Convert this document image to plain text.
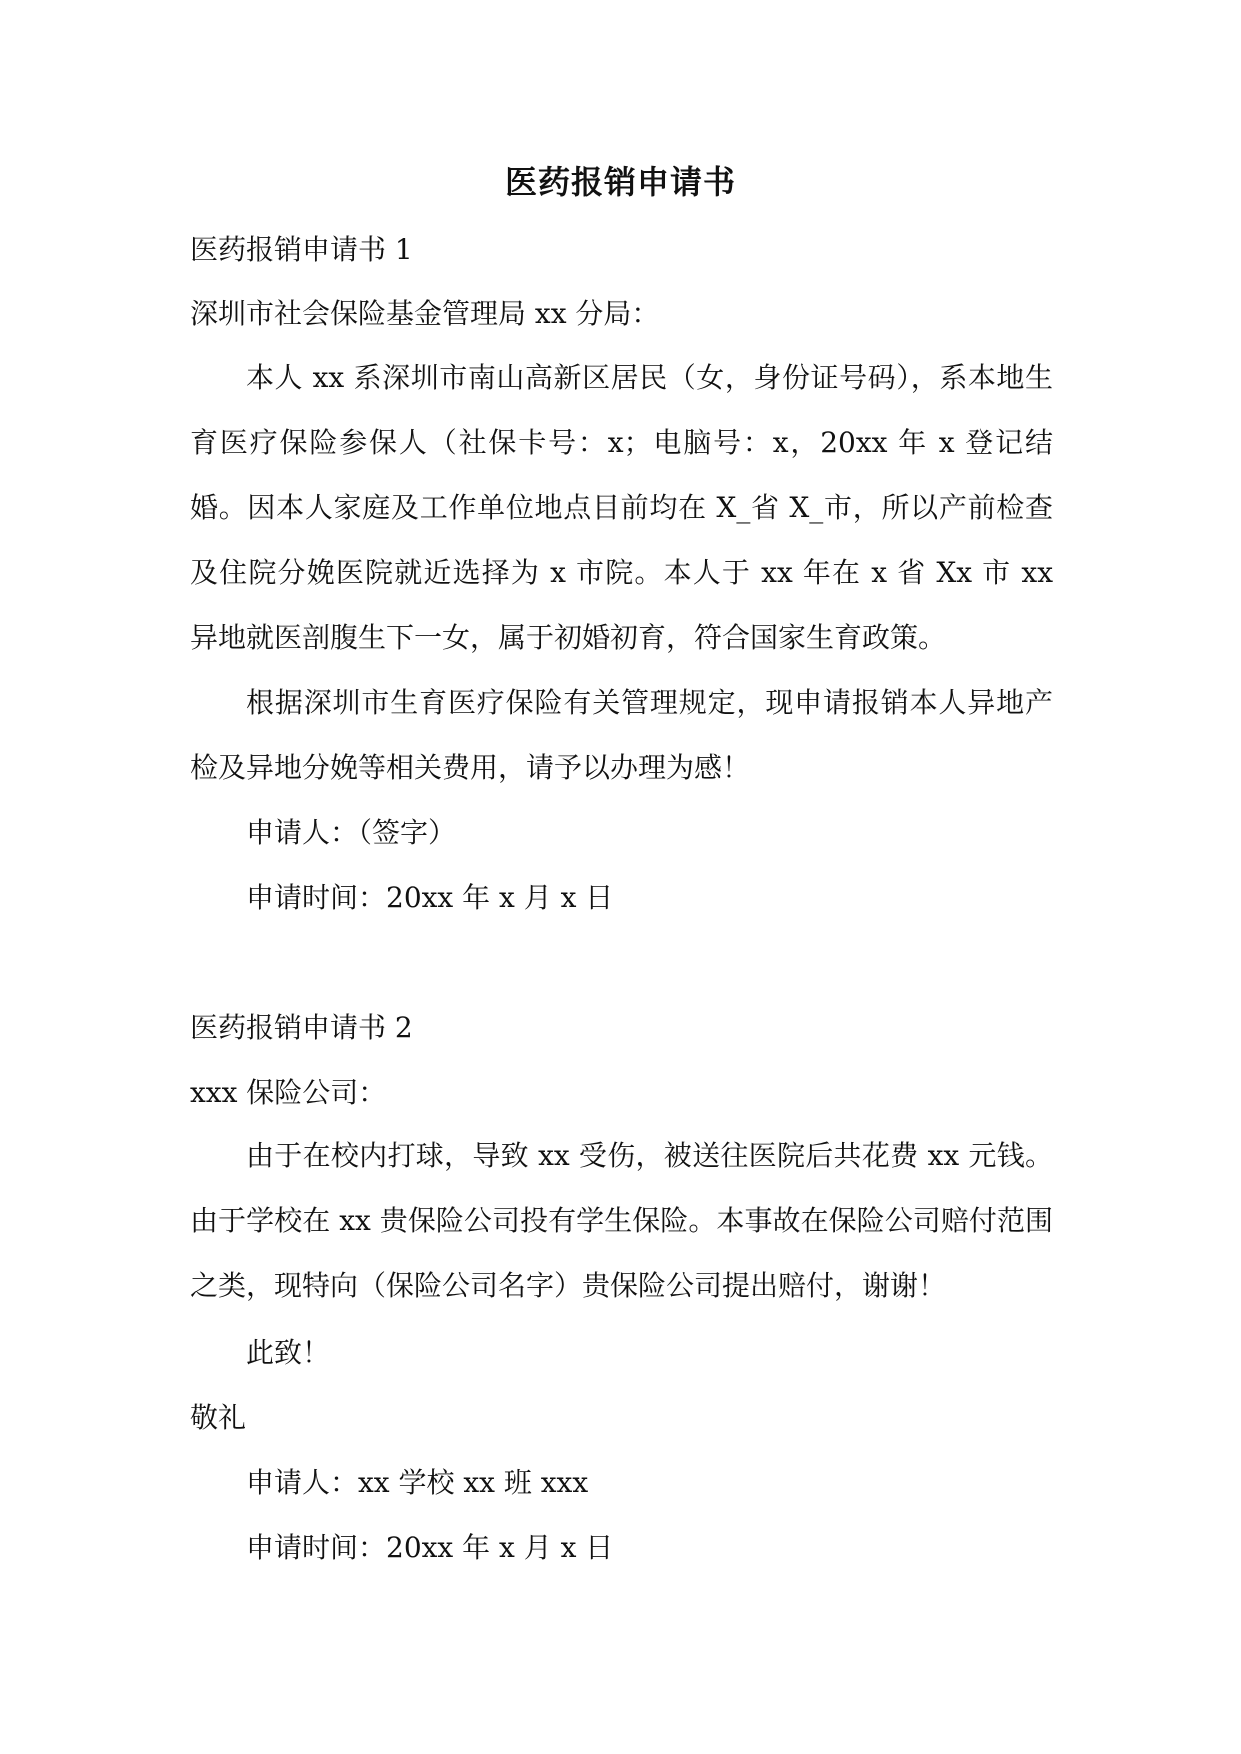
医药报销申请书
医药报销申请书 1
深圳市社会保险基金管理局 xx 分局：
本人 xx 系深圳市南山高新区居民（女，身份证号码），系本地生育医疗保险参保人（社保卡号：x；电脑号：x，20xx 年 x 登记结婚。因本人家庭及工作单位地点目前均在 X_省 X_市，所以产前检查及住院分娩医院就近选择为 x 市院。本人于 xx 年在 x 省 Xx 市 xx 异地就医剖腹生下一女，属于初婚初育，符合国家生育政策。
根据深圳市生育医疗保险有关管理规定，现申请报销本人异地产检及异地分娩等相关费用，请予以办理为感！
申请人：（签字）
申请时间：20xx 年 x 月 x 日
医药报销申请书 2
xxx 保险公司：
由于在校内打球，导致 xx 受伤，被送往医院后共花费 xx 元钱。由于学校在 xx 贵保险公司投有学生保险。本事故在保险公司赔付范围之类，现特向（保险公司名字）贵保险公司提出赔付，谢谢！
此致！
敬礼
申请人：xx 学校 xx 班 xxx
申请时间：20xx 年 x 月 x 日
